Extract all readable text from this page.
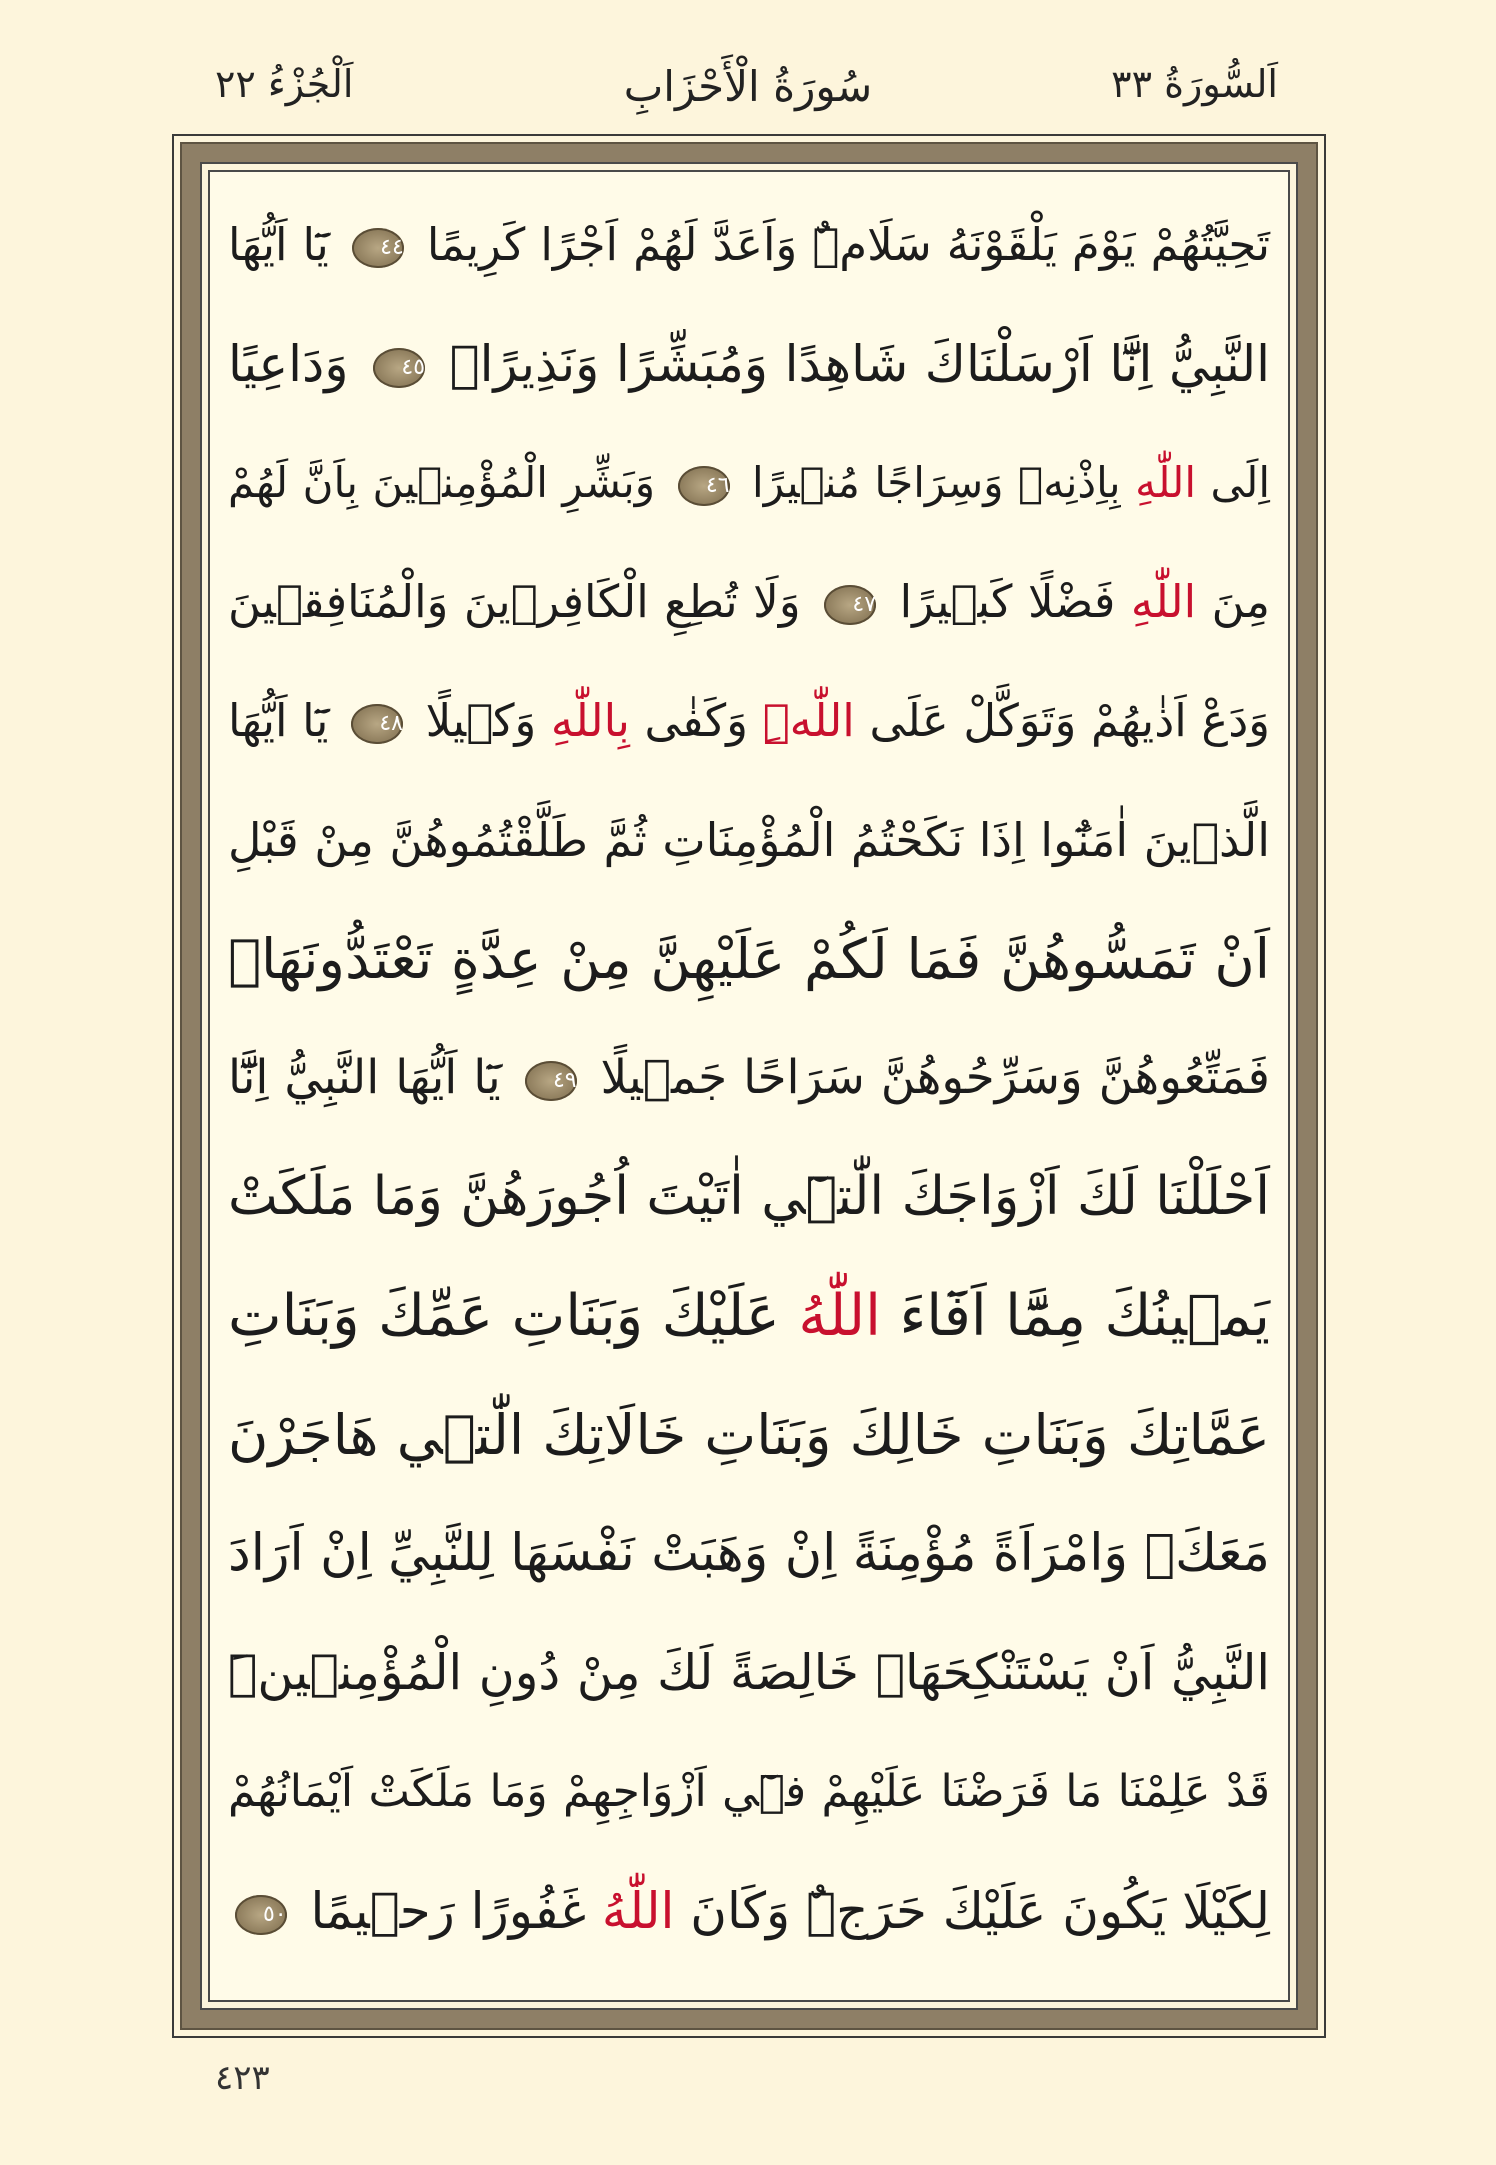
اَلْجُزْءُ ٢٢	سُورَةُ الْأَحْزَابِ	اَلسُّورَةُ ٣٣
تَحِيَّتُهُمْ يَوْمَ يَلْقَوْنَهُ سَلَامٌۜ وَاَعَدَّ لَهُمْ اَجْرًا كَرِيمًا ٤٤ يَٓا اَيُّهَا
النَّبِيُّ اِنَّٓا اَرْسَلْنَاكَ شَاهِدًا وَمُبَشِّرًا وَنَذِيرًاۙ ٤٥ وَدَاعِيًا
اِلَى اللّٰهِ بِاِذْنِهٖ وَسِرَاجًا مُن۪يرًا ٤٦ وَبَشِّرِ الْمُؤْمِن۪ينَ بِاَنَّ لَهُمْ
مِنَ اللّٰهِ فَضْلًا كَب۪يرًا ٤٧ وَلَا تُطِعِ الْكَافِر۪ينَ وَالْمُنَافِق۪ينَ
وَدَعْ اَذٰيهُمْ وَتَوَكَّلْ عَلَى اللّٰهِۜ وَكَفٰى بِاللّٰهِ وَك۪يلًا ٤٨ يَٓا اَيُّهَا
الَّذ۪ينَ اٰمَنُٓوا اِذَا نَكَحْتُمُ الْمُؤْمِنَاتِ ثُمَّ طَلَّقْتُمُوهُنَّ مِنْ قَبْلِ
اَنْ تَمَسُّوهُنَّ فَمَا لَكُمْ عَلَيْهِنَّ مِنْ عِدَّةٍ تَعْتَدُّونَهَاۚ
فَمَتِّعُوهُنَّ وَسَرِّحُوهُنَّ سَرَاحًا جَم۪يلًا ٤٩ يَٓا اَيُّهَا النَّبِيُّ اِنَّٓا
اَحْلَلْنَا لَكَ اَزْوَاجَكَ الّٰت۪ٓي اٰتَيْتَ اُجُورَهُنَّ وَمَا مَلَكَتْ
يَم۪ينُكَ مِمَّٓا اَفَٓاءَ اللّٰهُ عَلَيْكَ وَبَنَاتِ عَمِّكَ وَبَنَاتِ
عَمَّاتِكَ وَبَنَاتِ خَالِكَ وَبَنَاتِ خَالَاتِكَ الّٰت۪ي هَاجَرْنَ
مَعَكَۘ وَامْرَاَةً مُؤْمِنَةً اِنْ وَهَبَتْ نَفْسَهَا لِلنَّبِيِّ اِنْ اَرَادَ
النَّبِيُّ اَنْ يَسْتَنْكِحَهَاۗ خَالِصَةً لَكَ مِنْ دُونِ الْمُؤْمِن۪ينَۜ
قَدْ عَلِمْنَا مَا فَرَضْنَا عَلَيْهِمْ ف۪ٓي اَزْوَاجِهِمْ وَمَا مَلَكَتْ اَيْمَانُهُمْ
لِكَيْلَا يَكُونَ عَلَيْكَ حَرَجٌۜ وَكَانَ اللّٰهُ غَفُورًا رَح۪يمًا ٥٠
٤٢٣
